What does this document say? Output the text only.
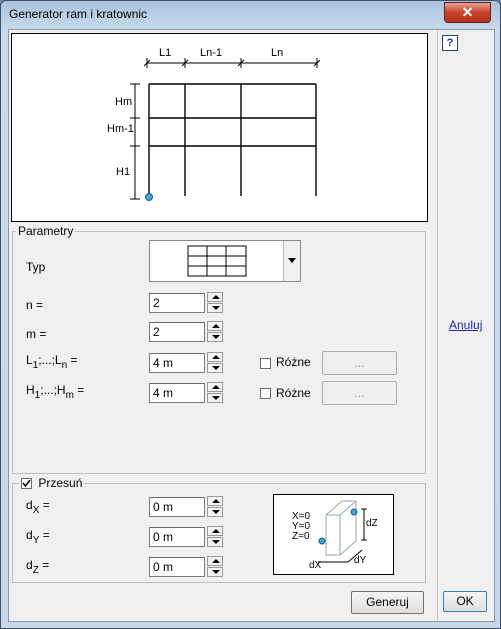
Generator ram i kratownic	✕
L1	Ln-1	Ln
Hm
Hm-1
H1
Parametry
Typ
n =
2
m =
2
$L_1;...;L_n$ =
4 m	Różne	...
$H_1;...;H_m$ =
4 m	Różne	...
Przesuń
$d_X$ =
0 m
$d_Y$ =
0 m
$d_Z$ =
0 m
X=0
Y=0
Z=0
dZ
dX	dY
Generuj
?
Anuluj
OK
